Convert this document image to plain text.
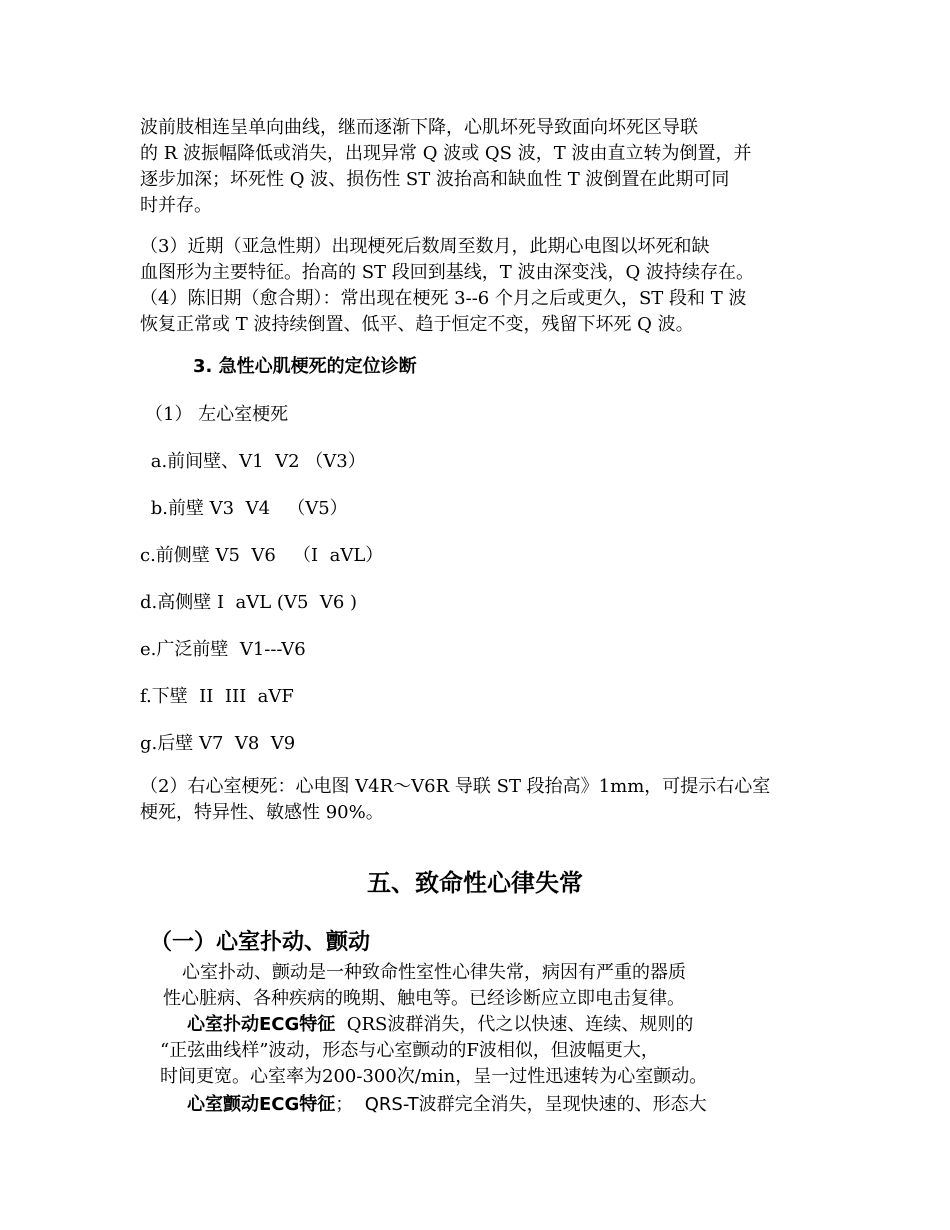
波前肢相连呈单向曲线，继而逐渐下降，心肌坏死导致面向坏死区导联
的 R 波振幅降低或消失，出现异常 Q 波或 QS 波，T 波由直立转为倒置，并
逐步加深；坏死性 Q 波、损伤性 ST 波抬高和缺血性 T 波倒置在此期可同
时并存。
（3）近期（亚急性期）出现梗死后数周至数月，此期心电图以坏死和缺
血图形为主要特征。抬高的 ST 段回到基线，T 波由深变浅，Q 波持续存在。
（4）陈旧期（愈合期）：常出现在梗死 3--6 个月之后或更久，ST 段和 T 波
恢复正常或 T 波持续倒置、低平、趋于恒定不变，残留下坏死 Q 波。
3. 急性心肌梗死的定位诊断
（1） 左心室梗死
a.前间壁、V1  V2 （V3）
b.前壁 V3  V4   （V5）
c.前侧壁 V5  V6   （I  aVL）
d.高侧壁 I  aVL (V5  V6 )
e.广泛前壁  V1---V6
f.下壁  II  III  aVF
g.后壁 V7  V8  V9
（2）右心室梗死：心电图 V4R～V6R 导联 ST 段抬高》1mm，可提示右心室
梗死，特异性、敏感性 90%。
五、致命性心律失常
（一）心室扑动、颤动
心室扑动、颤动是一种致命性室性心律失常，病因有严重的器质
性心脏病、各种疾病的晚期、触电等。已经诊断应立即电击复律。
心室扑动ECG特征  QRS波群消失，代之以快速、连续、规则的
“正弦曲线样”波动，形态与心室颤动的F波相似，但波幅更大，
时间更宽。心室率为200-300次/min，呈一过性迅速转为心室颤动。
心室颤动ECG特征；  QRS-T波群完全消失，呈现快速的、形态大
